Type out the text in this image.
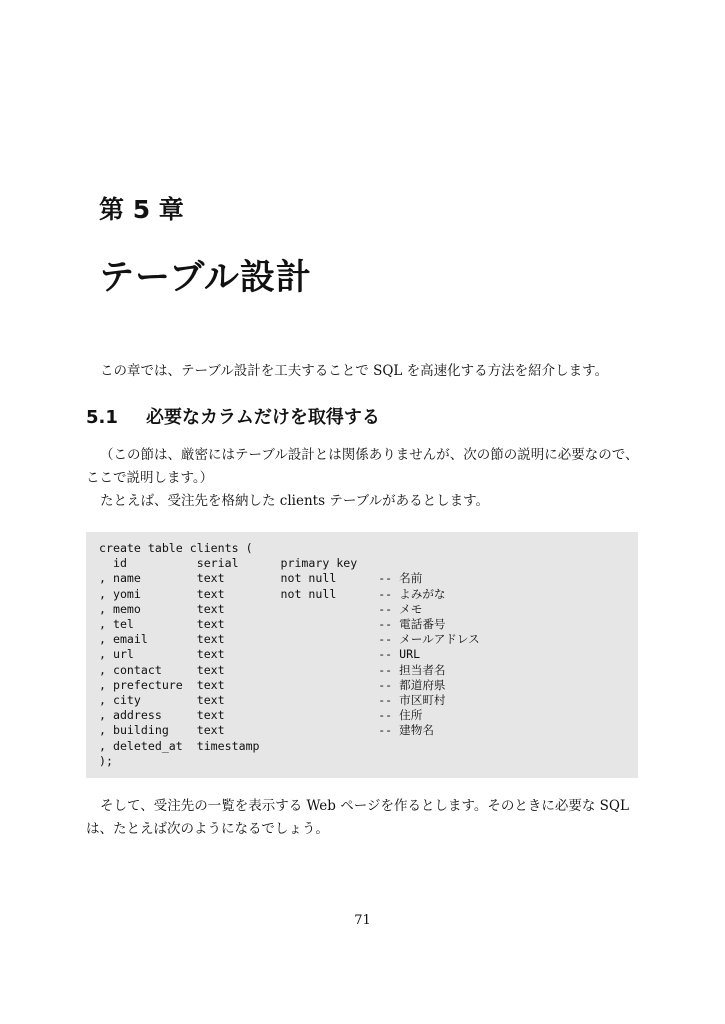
第 5 章
テーブル設計
この章では、テーブル設計を工夫することで SQL を高速化する方法を紹介します。
5.1 必要なカラムだけを取得する
（この節は、厳密にはテーブル設計とは関係ありませんが、次の節の説明に必要なので、ここで説明します。）
たとえば、受注先を格納した clients テーブルがあるとします。
create table clients (
id          serial      primary key
, name        text        not null      -- 名前
, yomi        text        not null      -- よみがな
, memo        text                      -- メモ
, tel         text                      -- 電話番号
, email       text                      -- メールアドレス
, url         text                      -- URL
, contact     text                      -- 担当者名
, prefecture  text                      -- 都道府県
, city        text                      -- 市区町村
, address     text                      -- 住所
, building    text                      -- 建物名
, deleted_at  timestamp
);

そして、受注先の一覧を表示する Web ページを作るとします。そのときに必要な SQL は、たとえば次のようになるでしょう。
71
